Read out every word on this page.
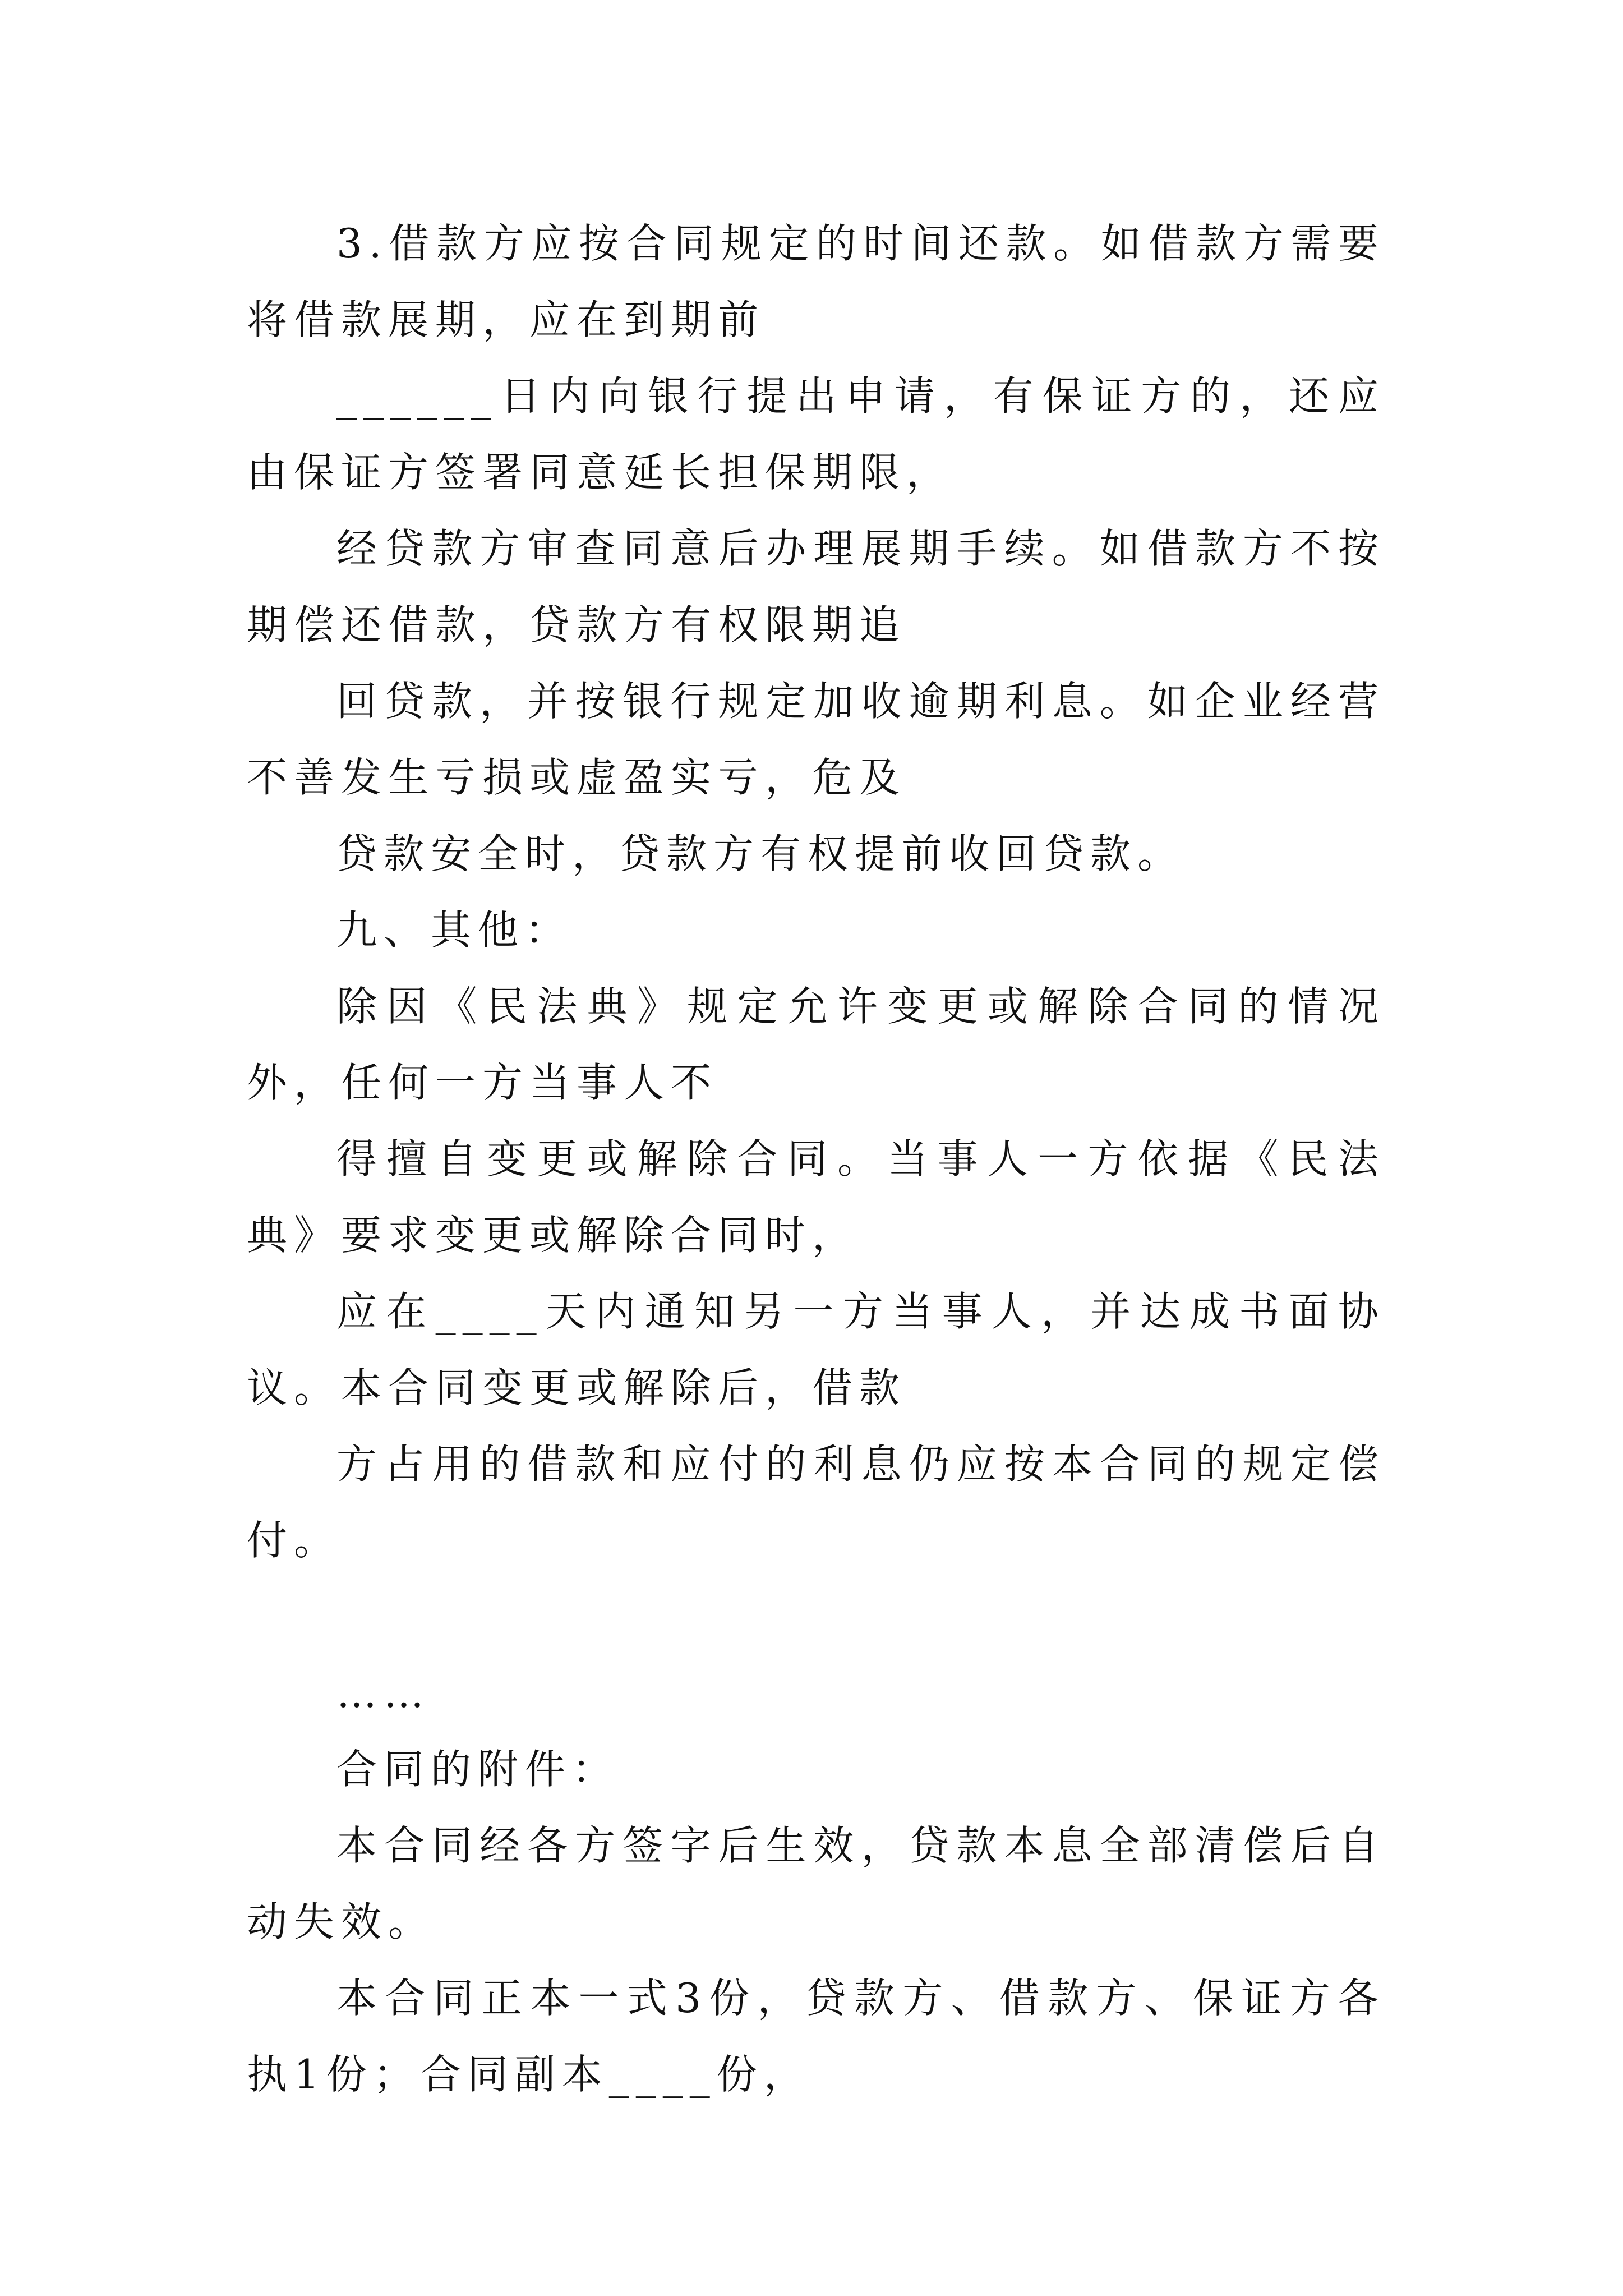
3.借款方应按合同规定的时间还款。如借款方需要将借款展期，应在到期前

______日内向银行提出申请，有保证方的，还应由保证方签署同意延长担保期限，

经贷款方审查同意后办理展期手续。如借款方不按期偿还借款，贷款方有权限期追

回贷款，并按银行规定加收逾期利息。如企业经营不善发生亏损或虚盈实亏，危及

贷款安全时，贷款方有权提前收回贷款。

九、其他：

除因《民法典》规定允许变更或解除合同的情况外，任何一方当事人不

得擅自变更或解除合同。当事人一方依据《民法典》要求变更或解除合同时，

应在____天内通知另一方当事人，并达成书面协议。本合同变更或解除后，借款

方占用的借款和应付的利息仍应按本合同的规定偿付。

……

合同的附件：

本合同经各方签字后生效，贷款本息全部清偿后自动失效。

本合同正本一式3份，贷款方、借款方、保证方各执1份；合同副本____份，
